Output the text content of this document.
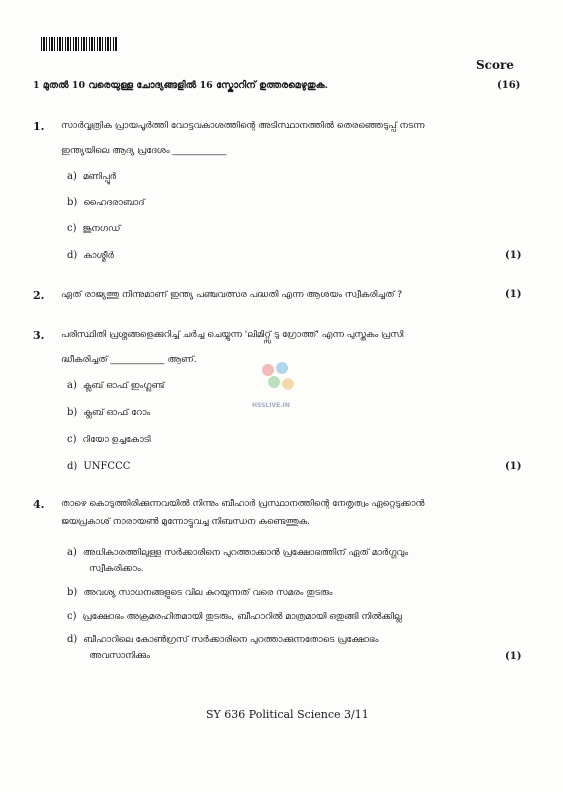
Score
1 മുതൽ 10 വരെയുള്ള ചോദ്യങ്ങളിൽ 16 സ്കോറിന് ഉത്തരമെഴുതുക.	(16)
1. സാർവ്വത്രിക പ്രായപൂർത്തി വോട്ടവകാശത്തിന്റെ അടിസ്ഥാനത്തിൽ തെരഞ്ഞെടുപ്പ് നടന്ന
ഇന്ത്യയിലെ ആദ്യ പ്രദേശം ____________
a) മണിപ്പൂർ
b) ഹൈദരാബാദ്
c) ജൂനഗഡ്
d) കാശ്മീർ	(1)
2. ഏത് രാജ്യത്തു നിന്നുമാണ് ഇന്ത്യ പഞ്ചവത്സര പദ്ധതി എന്ന ആശയം സ്വീകരിച്ചത് ?	(1)
3. പരിസ്ഥിതി പ്രശ്നങ്ങളെക്കുറിച്ച് ചർച്ച ചെയ്യുന്ന 'ലിമിറ്റ്സ് ടു ഗ്രോത്ത്' എന്ന പുസ്തകം പ്രസി
ദ്ധീകരിച്ചത് ____________ ആണ്.
a) ക്ലബ് ഓഫ് ഇംഗ്ലണ്ട്
b) ക്ലബ് ഓഫ് റോം
c) റിയോ ഉച്ചകോടി
d) UNFCCC	(1)
HSSLIVE.IN
4. താഴെ കൊടുത്തിരിക്കുന്നവയിൽ നിന്നും ബീഹാർ പ്രസ്ഥാനത്തിന്റെ നേതൃത്വം ഏറ്റെടുക്കാൻ
ജയപ്രകാശ് നാരായൺ മുന്നോട്ടുവച്ച നിബന്ധന കണ്ടെത്തുക.
a) അധികാരത്തിലുള്ള സർക്കാരിനെ പുറത്താക്കാൻ പ്രക്ഷോഭത്തിന് ഏത് മാർഗ്ഗവും
സ്വീകരിക്കാം.
b) അവശ്യ സാധനങ്ങളുടെ വില കുറയുന്നത് വരെ സമരം തുടരും
c) പ്രക്ഷോഭം അക്രമരഹിതമായി തുടരും, ബീഹാറിൽ മാത്രമായി ഒതുങ്ങി നിൽക്കില്ല
d) ബീഹാറിലെ കോൺഗ്രസ് സർക്കാരിനെ പുറത്താക്കുന്നതോടെ പ്രക്ഷോഭം
അവസാനിക്കും	(1)
SY 636 Political Science 3/11
